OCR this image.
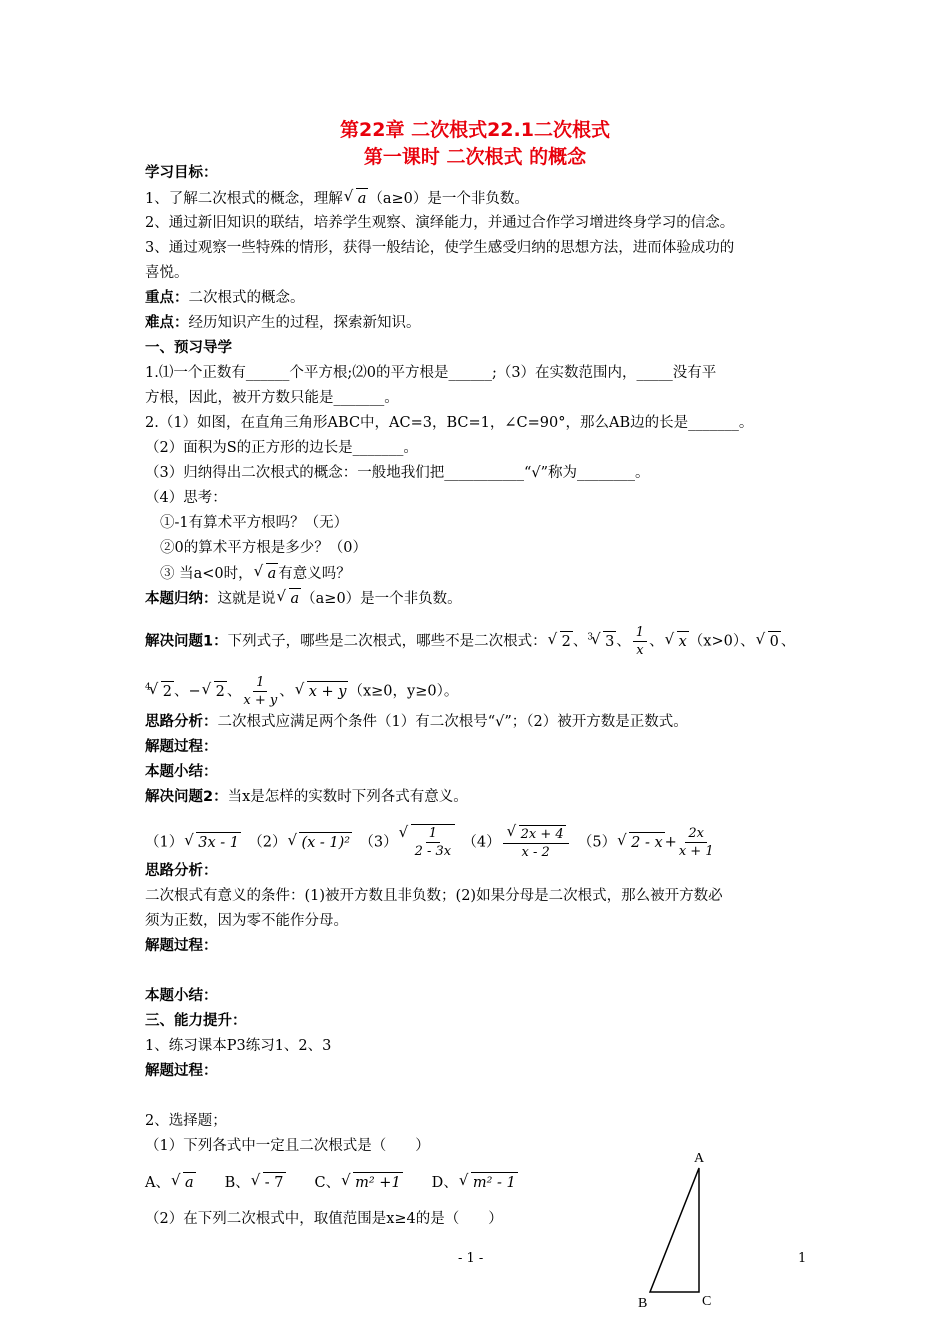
第22章 二次根式22.1二次根式
第一课时 二次根式 的概念
学习目标：
1、了解二次根式的概念，理解 √ a （a≥0）是一个非负数。
2、通过新旧知识的联结，培养学生观察、演绎能力，并通过合作学习增进终身学习的信念。
3、通过观察一些特殊的情形，获得一般结论，使学生感受归纳的思想方法，进而体验成功的
喜悦。
重点：二次根式的概念。
难点：经历知识产生的过程，探索新知识。
一、预习导学
1.⑴一个正数有______个平方根;⑵0的平方根是______;（3）在实数范围内，_____没有平
方根，因此，被开方数只能是_______。
2.（1）如图，在直角三角形ABC中，AC=3，BC=1，∠C=90°，那么AB边的长是_______。
（2）面积为S的正方形的边长是_______。
（3）归纳得出二次根式的概念：一般地我们把___________“√”称为________。
（4）思考：
①-1有算术平方根吗？（无）
②0的算术平方根是多少？（0）
③ 当a<0时， √ a 有意义吗？
本题归纳：这就是说 √ a （a≥0）是一个非负数。
解决问题1：下列式子，哪些是二次根式，哪些不是二次根式： √ 2 、$^3$ √ 3 、 $\frac{1}{x}$ 、 √ x （x>0）、 √ 0 、
$^4$ √ 2 、− √ 2 、 $\frac{1}{x + y}$ 、 √ x + y （x≥0，y≥0）。
思路分析：二次根式应满足两个条件（1）有二次根号“√”；（2）被开方数是正数式。
解题过程：
本题小结：
解决问题2：当x是怎样的实数时下列各式有意义。
（1） √ 3x - 1　（2） √ (x - 1)²　（3） √ $\frac{1}{2 - 3x}$ 　（4） √ $\frac{2x + 4}{x - 2}$ 　（5） √ $2 - x + \frac{2x}{x + 1}$
思路分析：
二次根式有意义的条件：(1)被开方数且非负数；(2)如果分母是二次根式，那么被开方数必
须为正数，因为零不能作分母。
解题过程：
本题小结：
三、能力提升：
1、练习课本P3练习1、2、3
解题过程：
2、选择题；
（1）下列各式中一定且二次根式是（　　）
A、 √ a　　B、 √ - 7　　C、 √ m² +1　　D、 √ m² - 1
（2）在下列二次根式中，取值范围是x≥4的是（　　）
A
B	C
- 1 -	1
